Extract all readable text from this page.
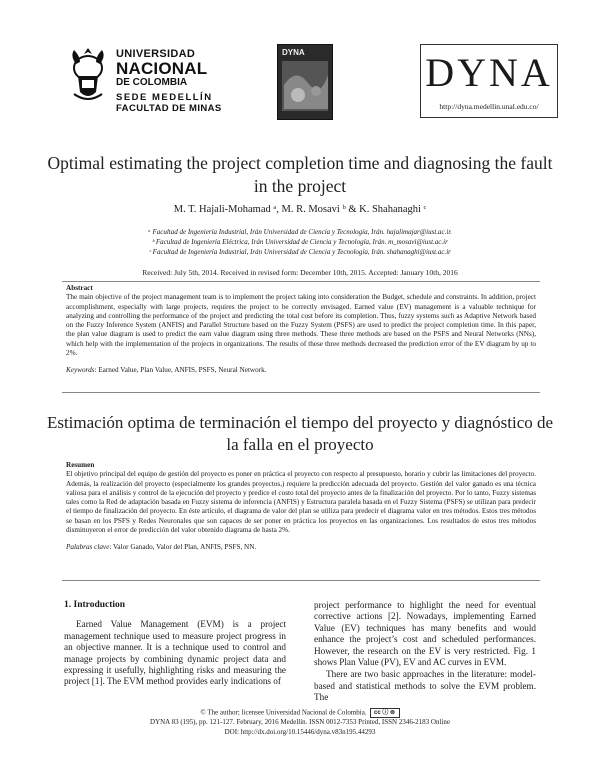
UNIVERSIDAD
NACIONAL
DE COLOMBIA
SEDE MEDELLÍN
FACULTAD DE MINAS
DYNA	DYNA
http://dyna.medellin.unal.edu.co/
Optimal estimating the project completion time and diagnosing the fault in the project
M. T. Hajali-Mohamad ᵃ, M. R. Mosavi ᵇ & K. Shahanaghi ᶜ
ᵃ Facultad de Ingeniería Industrial, Irán Universidad de Ciencia y Tecnología, Irán. hajalimajar@iust.ac.ir.
ᵇ Facultad de Ingeniería Eléctrica, Irán Universidad de Ciencia y Tecnología, Irán. m_mosavi@iust.ac.ir
ᶜ Facultad de Ingeniería Industrial, Irán Universidad de Ciencia y Tecnología, Irán. shahanaghi@iust.ac.ir
Received: July 5th, 2014. Received in revised form: December 10th, 2015. Accepted: January 10th, 2016
Abstract
The main objective of the project management team is to implement the project taking into consideration the Budget, schedule and constraints. In addition, project accomplishment, especially with large projects, requires the project to be correctly envisaged. Earned value (EV) management is a valuable technique for analyzing and controlling the performance of the project and predicting the total cost before its completion. Thus, fuzzy systems such as Adaptive Network based on the Fuzzy Inference System (ANFIS) and Parallel Structure based on the Fuzzy System (PSFS) are used to predict the project completion time. In this paper, the plan value diagram is used to predict the earn value diagram using three methods. These three methods are based on the PSFS and Neural Networks (NNs), which help with the implementation of the projects in organizations. The results of these three methods decreased the prediction error of the EV diagram by up to 2%.
Keywords: Earned Value, Plan Value, ANFIS, PSFS, Neural Network.
Estimación optima de terminación el tiempo del proyecto y diagnóstico de la falla en el proyecto
Resumen
El objetivo principal del equipo de gestión del proyecto es poner en práctica el proyecto con respecto al presupuesto, horario y cubrir las limitaciones del proyecto. Además, la realización del proyecto (especialmente los grandes proyectos,) requiere la predicción adecuada del proyecto. Gestión del valor ganado es una técnica valiosa para el análisis y control de la ejecución del proyecto y predice el costo total del proyecto antes de la finalización del proyecto. Por lo tanto, Fuzzy sistemas tales como la Red de adaptación basada en Fuzzy sistema de inferencia (ANFIS) y Estructura paralela basada en el Fuzzy Sistema (PSFS) se utilizan para predecir el tiempo de finalización del proyecto. En éste artículo, el diagrama de valor del plan se utiliza para predecir el diagrama valor en tres métodos. Estos tres métodos se basan en los PSFS y Redes Neuronales que son capaces de ser poner en práctica los proyectos en las organizaciones. Los resultados de estos tres métodos disminuyeron el error de predicción del valor obtenido diagrama de hasta 2%.
Palabras clave: Valor Ganado, Valor del Plan, ANFIS, PSFS, NN.
1. Introduction

Earned Value Management (EVM) is a project management technique used to measure project progress in an objective manner. It is a technique used to control and manage projects by combining dynamic project data and expressing it usefully, highlighting risks and measuring the project [1]. The EVM method provides early indications of

project performance to highlight the need for eventual corrective actions [2]. Nowadays, implementing Earned Value (EV) techniques has many benefits and would enhance the project’s cost and scheduled performances. However, the research on the EV is very restricted. Fig. 1 shows Plan Value (PV), EV and AC curves in EVM.

There are two basic approaches in the literature: model-based and statistical methods to solve the EVM problem. The

© The author; licensee Universidad Nacional de Colombia. cc ⓘ ⊜
DYNA 83 (195), pp. 121-127. February, 2016 Medellín. ISSN 0012-7353 Printed, ISSN 2346-2183 Online
DOI: http://dx.doi.org/10.15446/dyna.v83n195.44293
